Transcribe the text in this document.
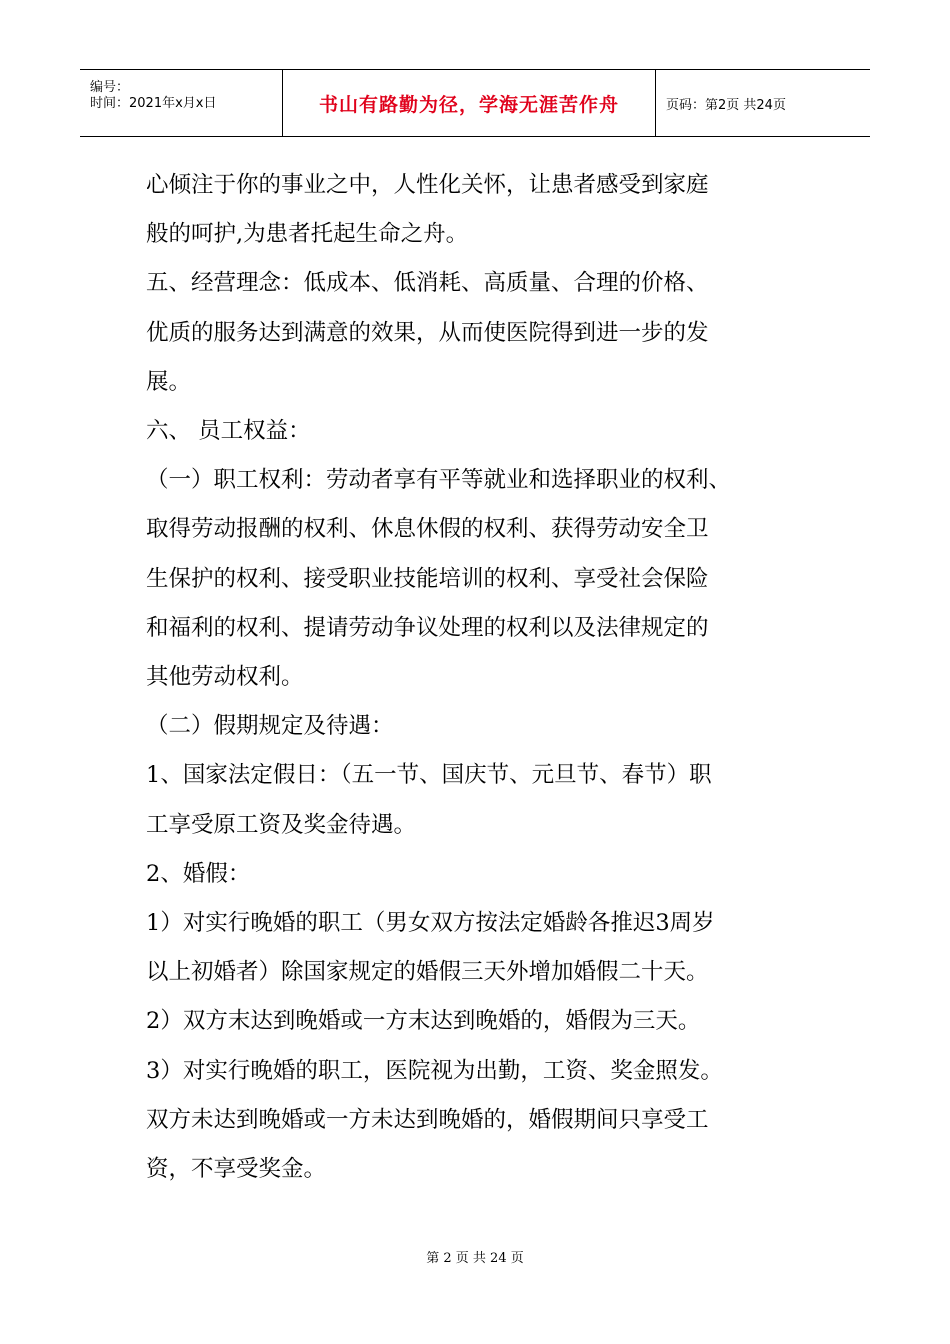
编号：
时间：2021年x月x日	书山有路勤为径，学海无涯苦作舟	页码：第2页 共24页

心倾注于你的事业之中，人性化关怀，让患者感受到家庭

般的呵护,为患者托起生命之舟。

五、经营理念：低成本、低消耗、高质量、合理的价格、

优质的服务达到满意的效果，从而使医院得到进一步的发

展。

六、 员工权益：

（一）职工权利：劳动者享有平等就业和选择职业的权利、

取得劳动报酬的权利、休息休假的权利、获得劳动安全卫

生保护的权利、接受职业技能培训的权利、享受社会保险

和福利的权利、提请劳动争议处理的权利以及法律规定的

其他劳动权利。

（二）假期规定及待遇：

1、国家法定假日：（五一节、国庆节、元旦节、春节）职

工享受原工资及奖金待遇。

2、婚假：

1）对实行晚婚的职工（男女双方按法定婚龄各推迟3周岁

以上初婚者）除国家规定的婚假三天外增加婚假二十天。

2）双方末达到晚婚或一方末达到晚婚的，婚假为三天。

3）对实行晚婚的职工，医院视为出勤，工资、奖金照发。

双方未达到晚婚或一方未达到晚婚的，婚假期间只享受工

资，不享受奖金。

第 2 页 共 24 页
